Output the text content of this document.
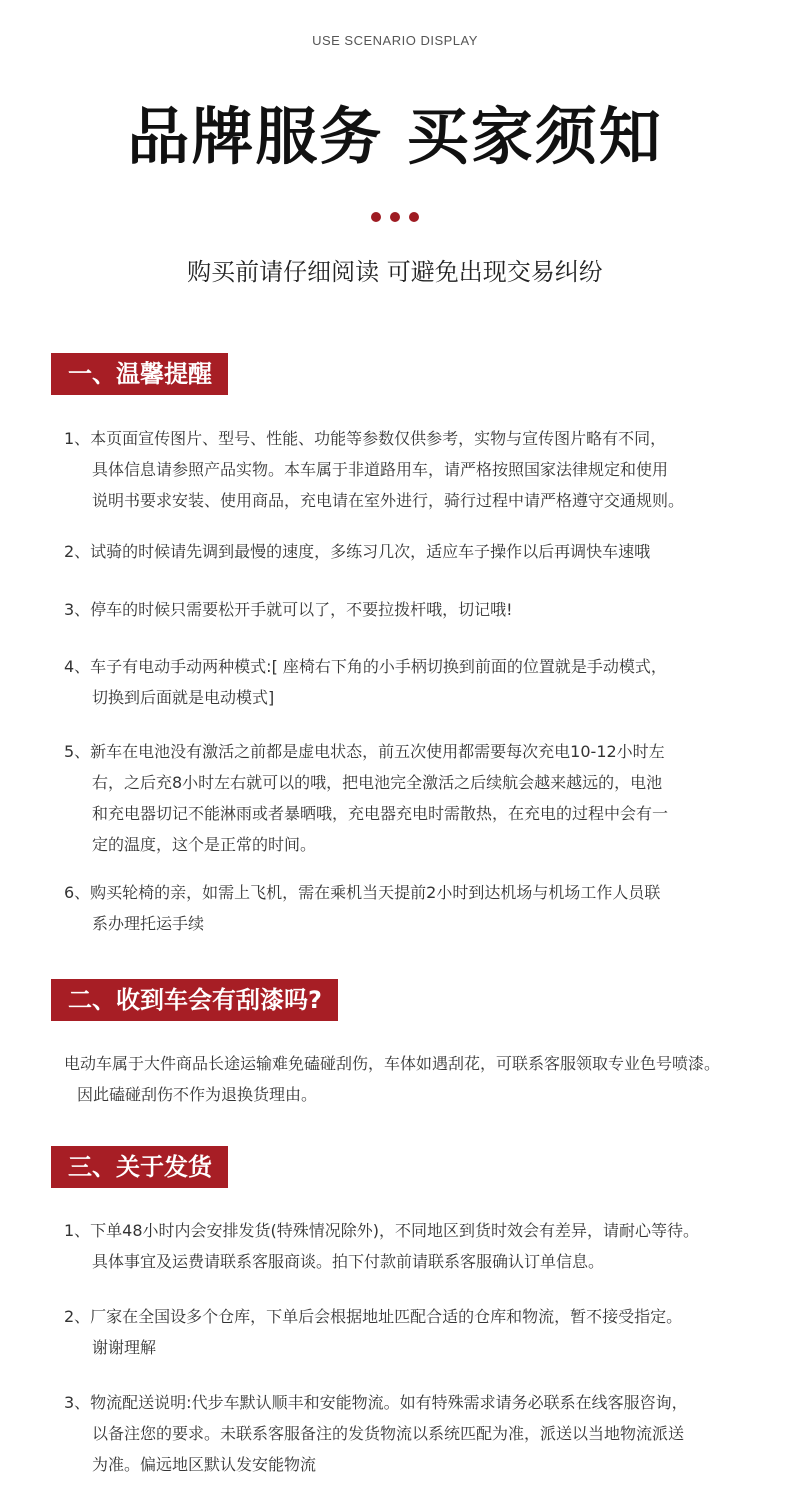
USE SCENARIO DISPLAY
品牌服务 买家须知
购买前请仔细阅读 可避免出现交易纠纷
一、温馨提醒
1、本页面宣传图片、型号、性能、功能等参数仅供参考，实物与宣传图片略有不同，
具体信息请参照产品实物。本车属于非道路用车，请严格按照国家法律规定和使用
说明书要求安装、使用商品，充电请在室外进行，骑行过程中请严格遵守交通规则。
2、试骑的时候请先调到最慢的速度，多练习几次，适应车子操作以后再调快车速哦
3、停车的时候只需要松开手就可以了，不要拉拨杆哦，切记哦!
4、车子有电动手动两种模式:[ 座椅右下角的小手柄切换到前面的位置就是手动模式，
切换到后面就是电动模式]
5、新车在电池没有激活之前都是虚电状态，前五次使用都需要每次充电10-12小时左
右，之后充8小时左右就可以的哦，把电池完全激活之后续航会越来越远的，电池
和充电器切记不能淋雨或者暴晒哦，充电器充电时需散热，在充电的过程中会有一
定的温度，这个是正常的时间。
6、购买轮椅的亲，如需上飞机，需在乘机当天提前2小时到达机场与机场工作人员联
系办理托运手续
二、收到车会有刮漆吗?
电动车属于大件商品长途运输难免磕碰刮伤，车体如遇刮花，可联系客服领取专业色号喷漆。
因此磕碰刮伤不作为退换货理由。
三、关于发货
1、下单48小时内会安排发货(特殊情况除外)，不同地区到货时效会有差异，请耐心等待。
具体事宜及运费请联系客服商谈。拍下付款前请联系客服确认订单信息。
2、厂家在全国设多个仓库，下单后会根据地址匹配合适的仓库和物流，暂不接受指定。
谢谢理解
3、物流配送说明:代步车默认顺丰和安能物流。如有特殊需求请务必联系在线客服咨询，
以备注您的要求。未联系客服备注的发货物流以系统匹配为准，派送以当地物流派送
为准。偏远地区默认发安能物流
